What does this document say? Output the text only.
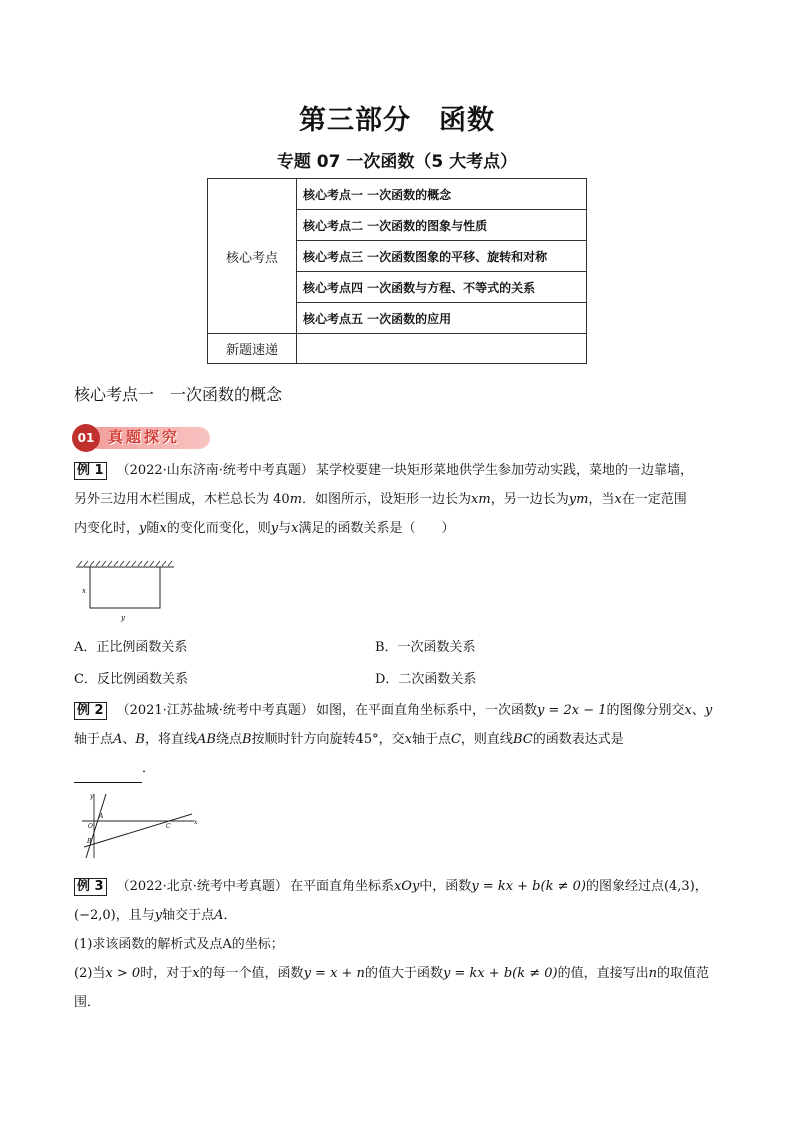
第三部分　函数
专题 07 一次函数（5 大考点）
核心考点	核心考点一 一次函数的概念
	核心考点二 一次函数的图象与性质
	核心考点三 一次函数图象的平移、旋转和对称
	核心考点四 一次函数与方程、不等式的关系
	核心考点五 一次函数的应用
新题速递	
核心考点一　一次函数的概念
01 真题探究
例 1 （2022·山东济南·统考中考真题） 某学校要建一块矩形菜地供学生参加劳动实践，菜地的一边靠墙，
另外三边用木栏围成，木栏总长为 40m．如图所示，设矩形一边长为xm，另一边长为ym，当x在一定范围
内变化时，y随x的变化而变化，则y与x满足的函数关系是（　　）
x
y
A．正比例函数关系	B．一次函数关系
C．反比例函数关系	D．二次函数关系
例 2 （2021·江苏盐城·统考中考真题） 如图，在平面直角坐标系中，一次函数y = 2x − 1的图像分别交x、y
轴于点A、B，将直线AB绕点B按顺时针方向旋转45°，交x轴于点C，则直线BC的函数表达式是
．
y
x
O
A
C
B
例 3 （2022·北京·统考中考真题） 在平面直角坐标系xOy中，函数y = kx + b(k ≠ 0)的图象经过点(4,3)，
(−2,0)，且与y轴交于点A．
(1)求该函数的解析式及点A的坐标；
(2)当x > 0时，对于x的每一个值，函数y = x + n的值大于函数y = kx + b(k ≠ 0)的值，直接写出n的取值范
围．
